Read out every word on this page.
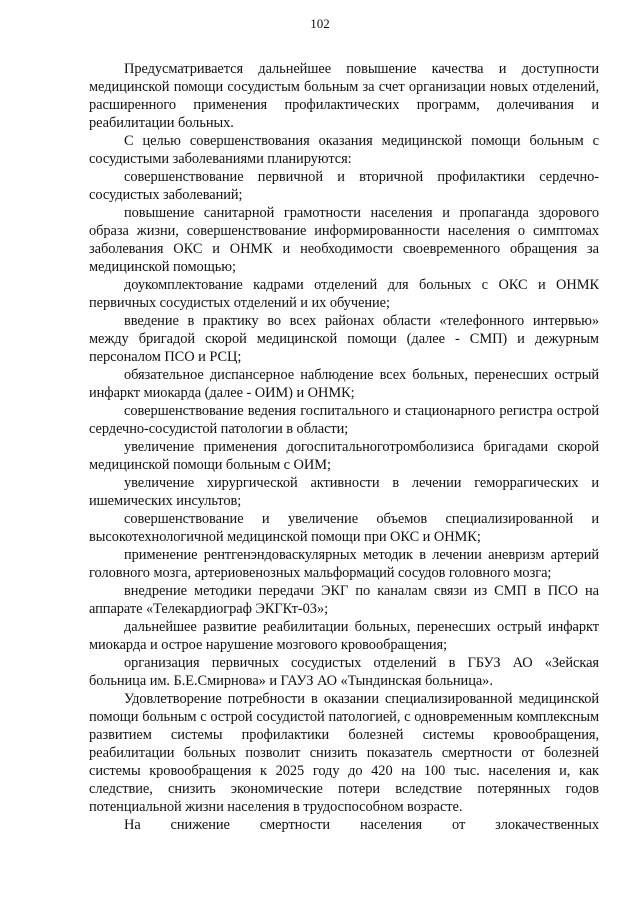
102

Предусматривается дальнейшее повышение качества и доступности медицинской помощи сосудистым больным за счет организации новых отделений, расширенного применения профилактических программ, долечивания и реабилитации больных.

С целью совершенствования оказания медицинской помощи больным с сосудистыми заболеваниями планируются:

совершенствование первичной и вторичной профилактики сердечно-сосудистых заболеваний;

повышение санитарной грамотности населения и пропаганда здорового образа жизни, совершенствование информированности населения о симптомах заболевания ОКС и ОНМК и необходимости своевременного обращения за медицинской помощью;

доукомплектование кадрами отделений для больных с ОКС и ОНМК первичных сосудистых отделений и их обучение;

введение в практику во всех районах области «телефонного интервью» между бригадой скорой медицинской помощи (далее - СМП) и дежурным персоналом ПСО и РСЦ;

обязательное диспансерное наблюдение всех больных, перенесших острый инфаркт миокарда (далее - ОИМ) и ОНМК;

совершенствование ведения госпитального и стационарного регистра острой сердечно-сосудистой патологии в области;

увеличение применения догоспитальноготромболизиса бригадами скорой медицинской помощи больным с ОИМ;

увеличение хирургической активности в лечении геморрагических и ишемических инсультов;

совершенствование и увеличение объемов специализированной и высокотехнологичной медицинской помощи при ОКС и ОНМК;

применение рентгенэндоваскулярных методик в лечении аневризм артерий головного мозга, артериовенозных мальформаций сосудов головного мозга;

внедрение методики передачи ЭКГ по каналам связи из СМП в ПСО на аппарате «Телекардиограф ЭКГКт-03»;

дальнейшее развитие реабилитации больных, перенесших острый инфаркт миокарда и острое нарушение мозгового кровообращения;

организация первичных сосудистых отделений в ГБУЗ АО «Зейская больница им. Б.Е.Смирнова» и ГАУЗ АО «Тындинская больница».

Удовлетворение потребности в оказании специализированной медицинской помощи больным с острой сосудистой патологией, с одновременным комплексным развитием системы профилактики болезней системы кровообращения, реабилитации больных позволит снизить показатель смертности от болезней системы кровообращения к 2025 году до 420 на 100 тыс. населения и, как следствие, снизить экономические потери вследствие потерянных годов потенциальной жизни населения в трудоспособном возрасте.

На снижение смертности населения от злокачественных
